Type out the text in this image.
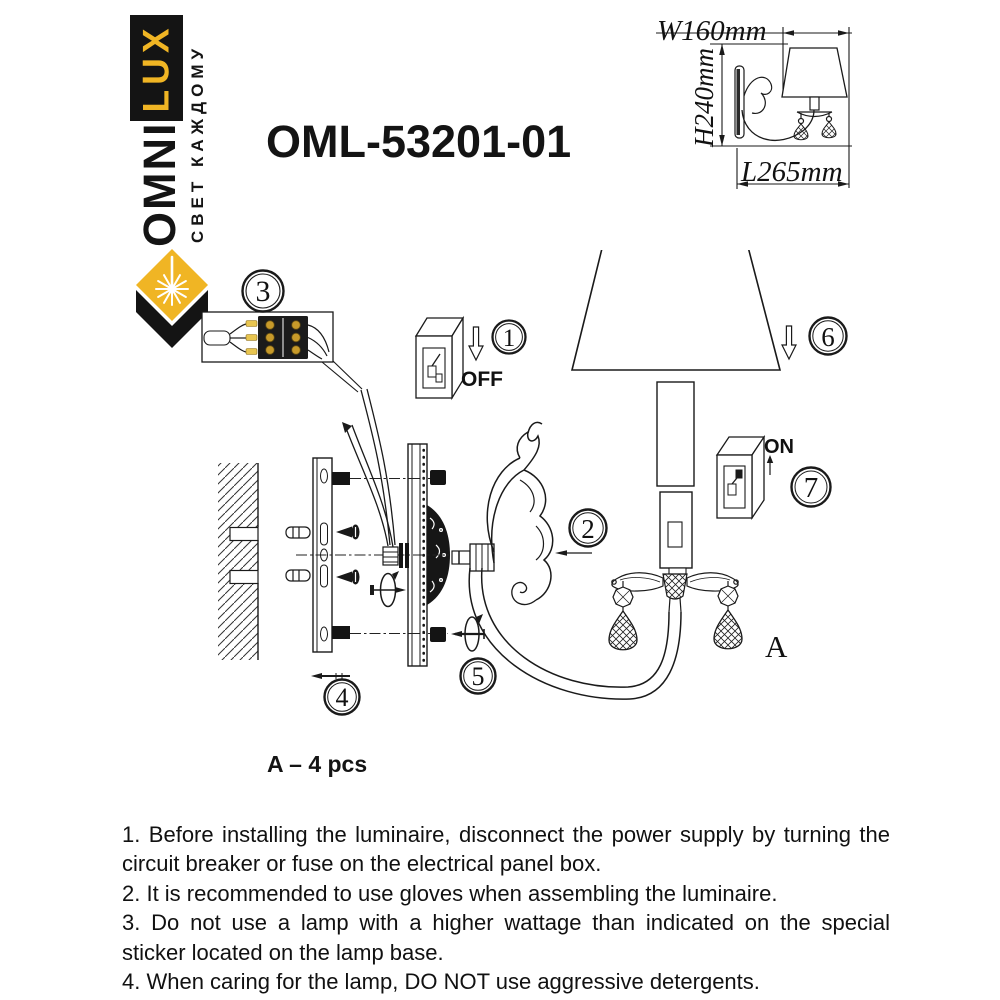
LUX
OMNI СВЕТ КАЖДОМУ OML-53201-01
W160mm
H240mm
L265mm
A
OFF
ON
3
1
2
4
5
6
7
A – 4 pcs

1. Before installing the luminaire, disconnect the power supply by turning the circuit breaker or fuse on the electrical panel box.

2. It is recommended to use gloves when assembling the luminaire.

3. Do not use a lamp with a higher wattage than indicated on the special sticker located on the lamp base.

4. When caring for the lamp, DO NOT use aggressive detergents.
